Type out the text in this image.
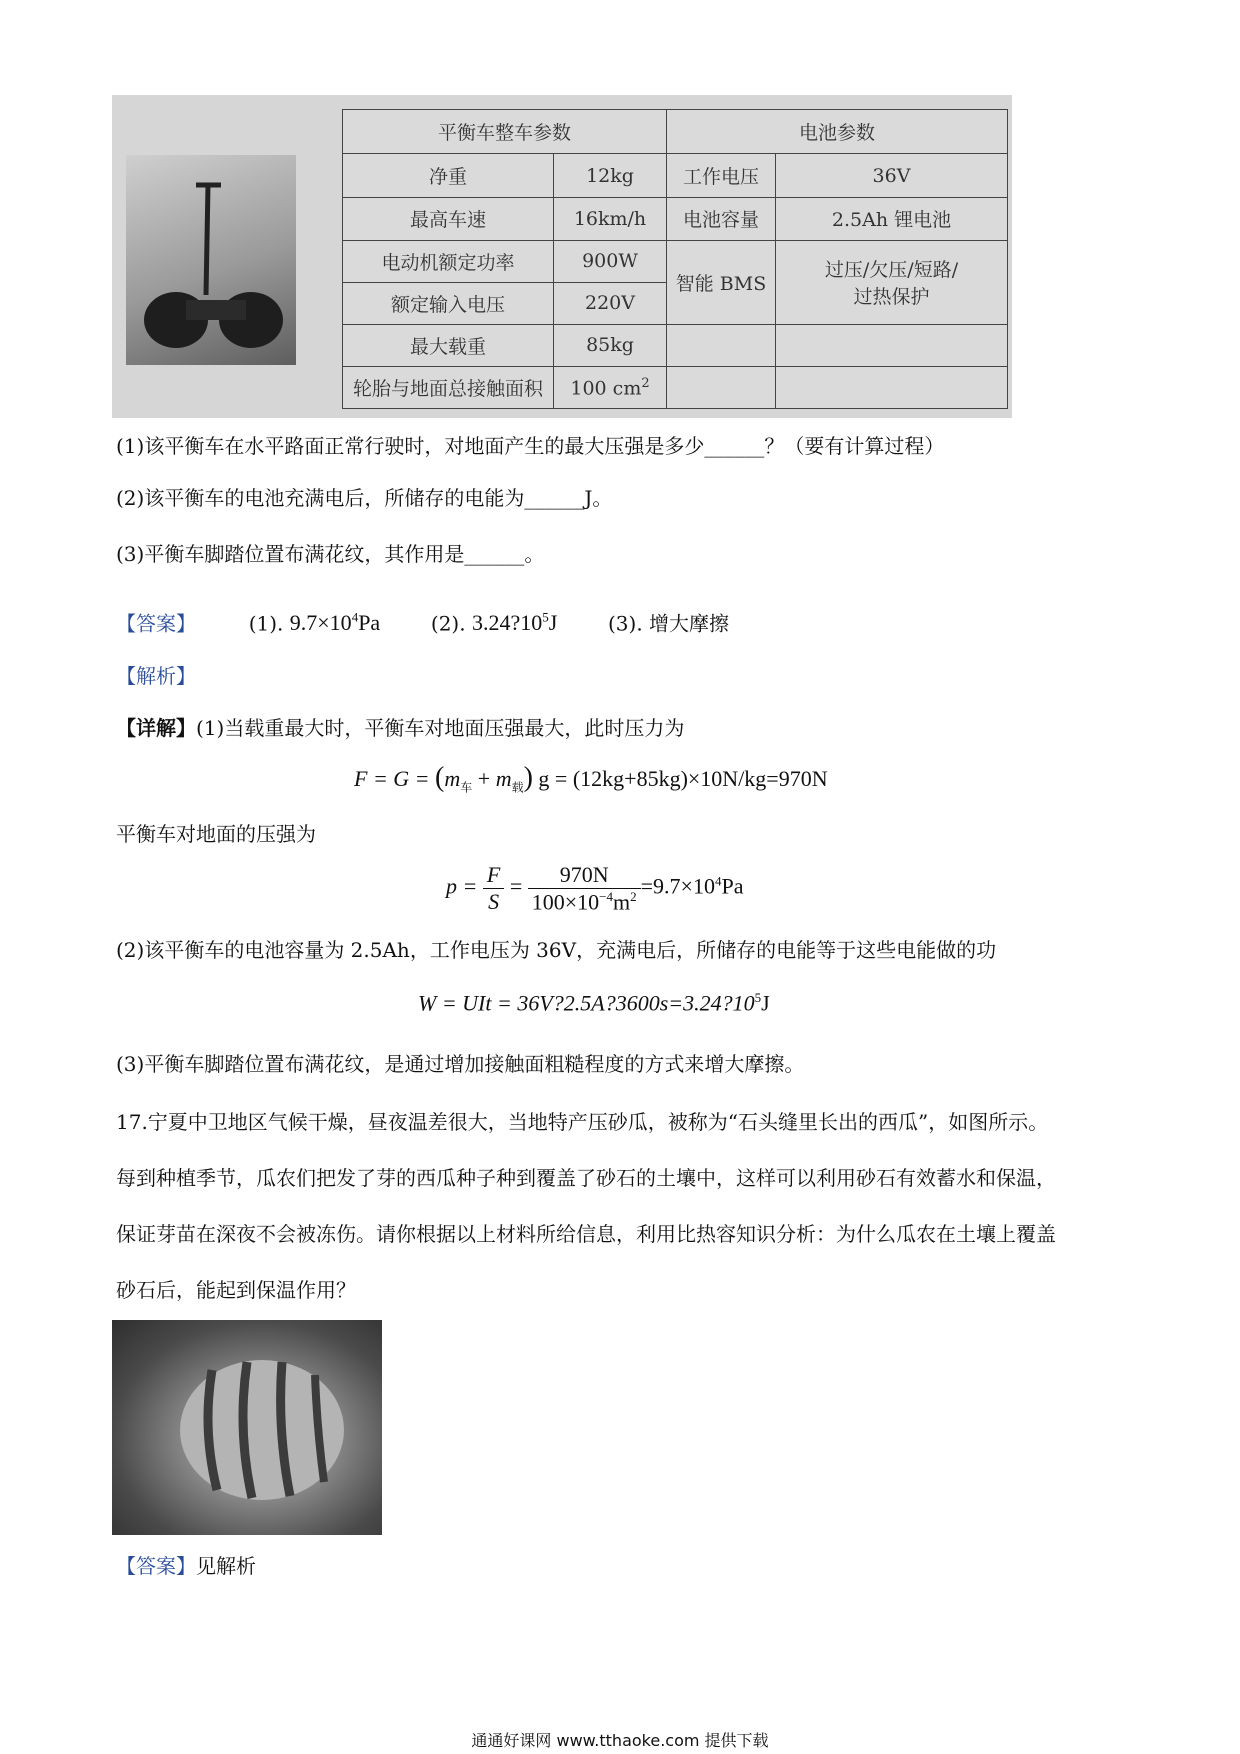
平衡车整车参数		电池参数	
净重	12kg	工作电压	36V
最高车速	16km/h	电池容量	2.5Ah 锂电池
电动机额定功率	900W	智能 BMS	过压/欠压/短路/
过热保护

额定输入电压	220V		
最大载重	85kg		
轮胎与地面总接触面积	100 $cm^2$		
(1)该平衡车在水平路面正常行驶时，对地面产生的最大压强是多少______？（要有计算过程）
(2)该平衡车的电池充满电后，所储存的电能为______J。
(3)平衡车脚踏位置布满花纹，其作用是______。
【答案】	(1). $9.7\times 10^4Pa$	(2). $3.24?10^5J$	(3). 增大摩擦
【解析】
【详解】(1)当载重最大时，平衡车对地面压强最大，此时压力为
$F = G = (m_车 + m_载) g = (12kg+85kg)\times 10N/kg=970N$
平衡车对地面的压强为
$p = \frac{F}{S} = \frac{970N}{100\times 10^{-4}m^2} =9.7\times 10^4Pa$
(2)该平衡车的电池容量为 2.5Ah，工作电压为 36V，充满电后，所储存的电能等于这些电能做的功
W = UIt = $36V?2.5A?3600s=3.24?10^5J$
(3)平衡车脚踏位置布满花纹，是通过增加接触面粗糙程度的方式来增大摩擦。
17.宁夏中卫地区气候干燥，昼夜温差很大，当地特产压砂瓜，被称为“石头缝里长出的西瓜”，如图所示。
每到种植季节，瓜农们把发了芽的西瓜种子种到覆盖了砂石的土壤中，这样可以利用砂石有效蓄水和保温，
保证芽苗在深夜不会被冻伤。请你根据以上材料所给信息，利用比热容知识分析：为什么瓜农在土壤上覆盖
砂石后，能起到保温作用？
【答案】见解析
通通好课网 www.tthaoke.com 提供下载
